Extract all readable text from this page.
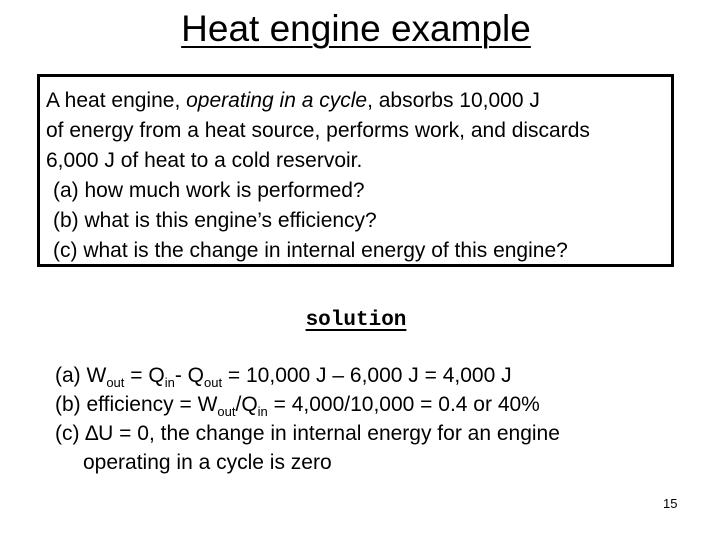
Heat engine example
A heat engine, operating in a cycle, absorbs 10,000 J
of energy from a heat source, performs work, and discards
6,000 J of heat to a cold reservoir.
(a) how much work is performed?
(b) what is this engine’s efficiency?
(c) what is the change in internal energy of this engine?
solution
(a) $W_{out} = Q_{in}-$ $Q_{out} = 10,000$ J – 6,000 J = 4,000 J
(b) efficiency = $W_{out}/Q_{in} = 4,000/10,000 = 0.4$ or 40%
(c) ∆U = 0, the change in internal energy for an engine
operating in a cycle is zero
15
